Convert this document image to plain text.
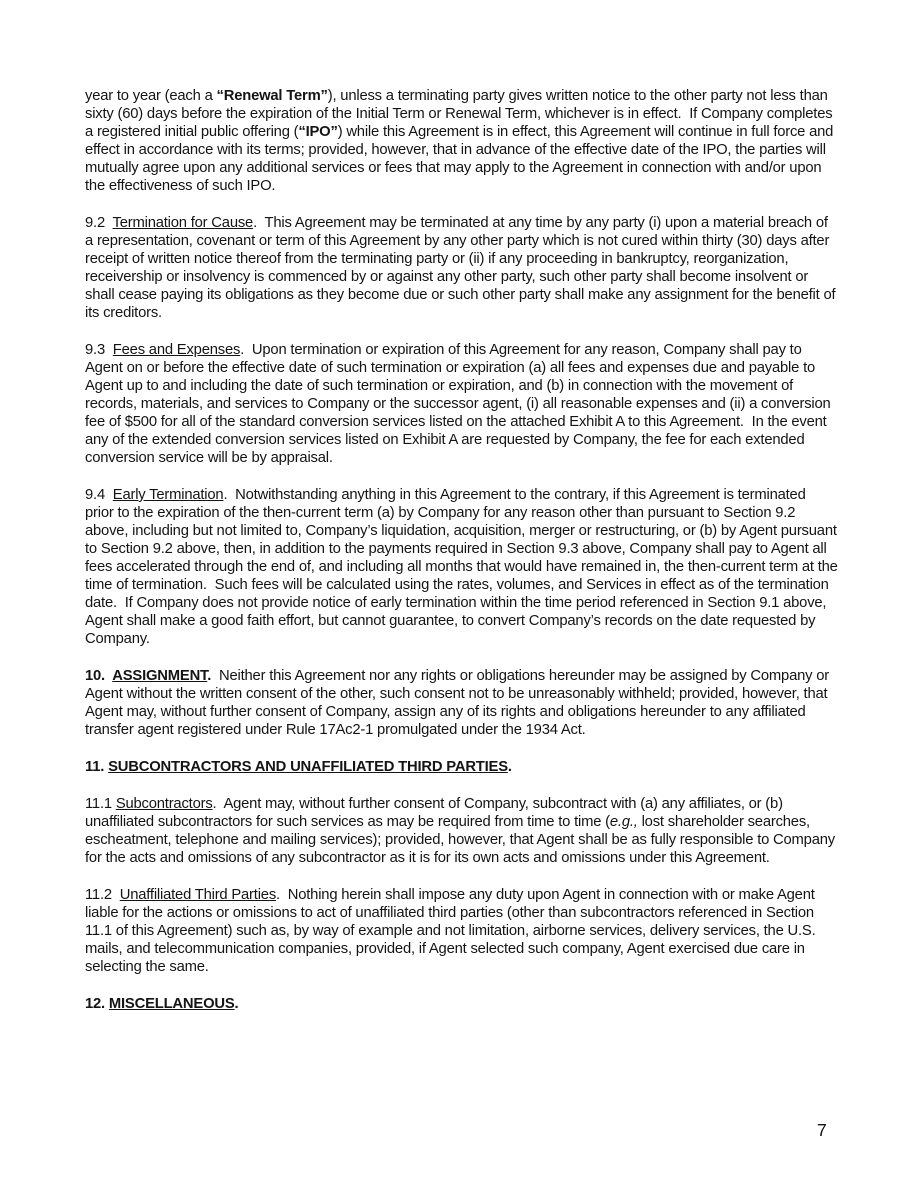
year to year (each a “Renewal Term”), unless a terminating party gives written notice to the other party not less than sixty (60) days before the expiration of the Initial Term or Renewal Term, whichever is in effect.  If Company completes a registered initial public offering (“IPO”) while this Agreement is in effect, this Agreement will continue in full force and effect in accordance with its terms; provided, however, that in advance of the effective date of the IPO, the parties will mutually agree upon any additional services or fees that may apply to the Agreement in connection with and/or upon the effectiveness of such IPO.

9.2  Termination for Cause.  This Agreement may be terminated at any time by any party (i) upon a material breach of a representation, covenant or term of this Agreement by any other party which is not cured within thirty (30) days after receipt of written notice thereof from the terminating party or (ii) if any proceeding in bankruptcy, reorganization, receivership or insolvency is commenced by or against any other party, such other party shall become insolvent or shall cease paying its obligations as they become due or such other party shall make any assignment for the benefit of its creditors.

9.3  Fees and Expenses.  Upon termination or expiration of this Agreement for any reason, Company shall pay to Agent on or before the effective date of such termination or expiration (a) all fees and expenses due and payable to Agent up to and including the date of such termination or expiration, and (b) in connection with the movement of records, materials, and services to Company or the successor agent, (i) all reasonable expenses and (ii) a conversion fee of $500 for all of the standard conversion services listed on the attached Exhibit A to this Agreement.  In the event any of the extended conversion services listed on Exhibit A are requested by Company, the fee for each extended conversion service will be by appraisal.

9.4  Early Termination.  Notwithstanding anything in this Agreement to the contrary, if this Agreement is terminated prior to the expiration of the then-current term (a) by Company for any reason other than pursuant to Section 9.2 above, including but not limited to, Company’s liquidation, acquisition, merger or restructuring, or (b) by Agent pursuant to Section 9.2 above, then, in addition to the payments required in Section 9.3 above, Company shall pay to Agent all fees accelerated through the end of, and including all months that would have remained in, the then-current term at the time of termination.  Such fees will be calculated using the rates, volumes, and Services in effect as of the termination date.  If Company does not provide notice of early termination within the time period referenced in Section 9.1 above, Agent shall make a good faith effort, but cannot guarantee, to convert Company’s records on the date requested by Company.

10.  ASSIGNMENT.  Neither this Agreement nor any rights or obligations hereunder may be assigned by Company or Agent without the written consent of the other, such consent not to be unreasonably withheld; provided, however, that Agent may, without further consent of Company, assign any of its rights and obligations hereunder to any affiliated transfer agent registered under Rule 17Ac2-1 promulgated under the 1934 Act.

11. SUBCONTRACTORS AND UNAFFILIATED THIRD PARTIES.

11.1 Subcontractors.  Agent may, without further consent of Company, subcontract with (a) any affiliates, or (b) unaffiliated subcontractors for such services as may be required from time to time (e.g., lost shareholder searches, escheatment, telephone and mailing services); provided, however, that Agent shall be as fully responsible to Company for the acts and omissions of any subcontractor as it is for its own acts and omissions under this Agreement.

11.2  Unaffiliated Third Parties.  Nothing herein shall impose any duty upon Agent in connection with or make Agent liable for the actions or omissions to act of unaffiliated third parties (other than subcontractors referenced in Section 11.1 of this Agreement) such as, by way of example and not limitation, airborne services, delivery services, the U.S. mails, and telecommunication companies, provided, if Agent selected such company, Agent exercised due care in selecting the same.

12. MISCELLANEOUS.

7
